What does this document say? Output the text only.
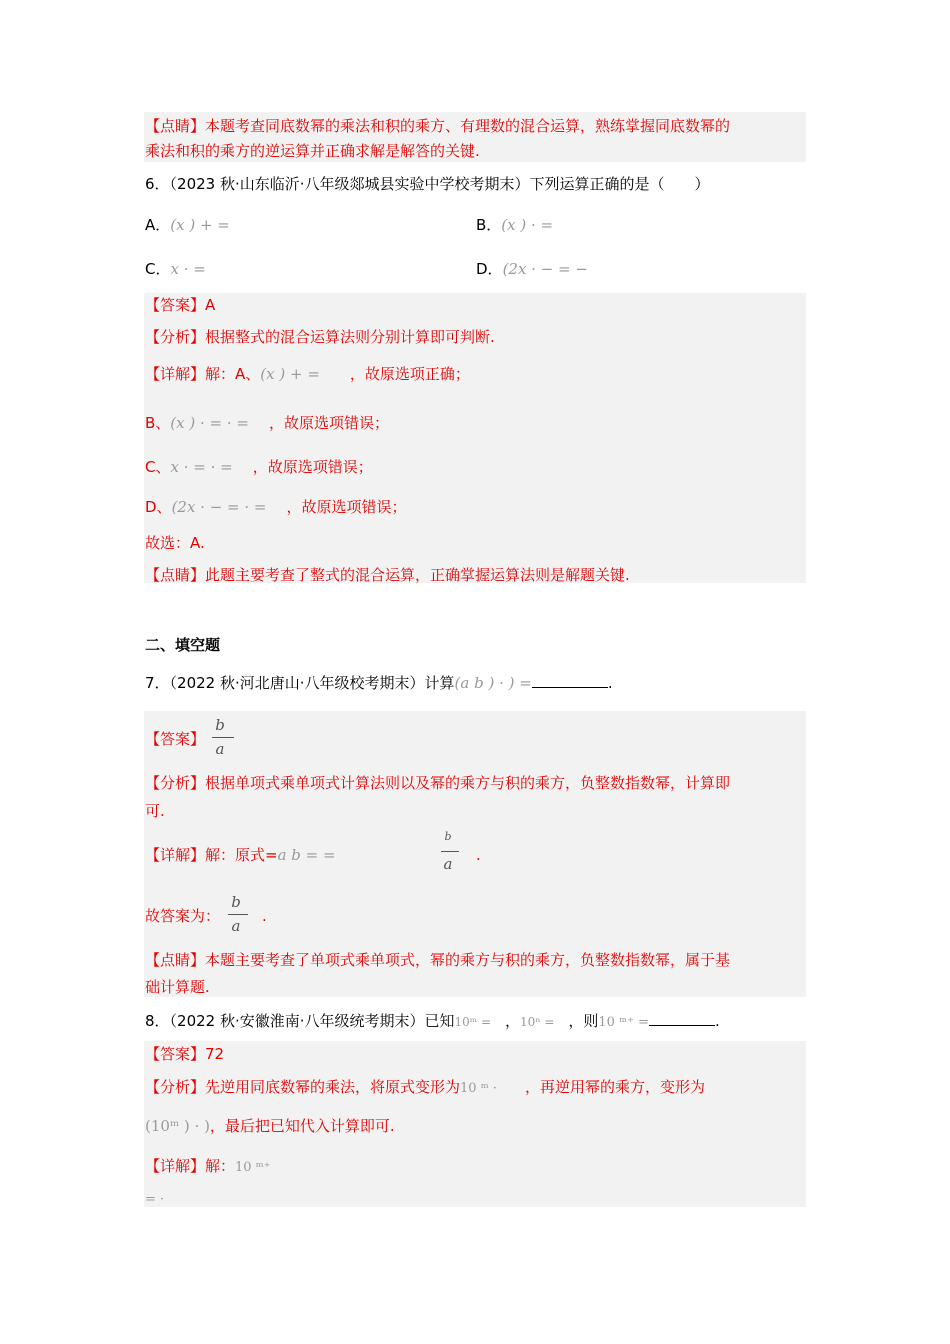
【点睛】本题考查同底数幂的乘法和积的乘方、有理数的混合运算，熟练掌握同底数幂的
乘法和积的乘方的逆运算并正确求解是解答的关键.
6．（2023 秋·山东临沂·八年级郯城县实验中学校考期末）下列运算正确的是（　　）
A．(x ) + =	B．(x ) · =
C．x · =	D．(2x · − = −
【答案】A
【分析】根据整式的混合运算法则分别计算即可判断.
【详解】解：A、(x ) + = ，故原选项正确；
B、(x ) · = · = ，故原选项错误；
C、x · = · = ，故原选项错误；
D、(2x · − = · = ，故原选项错误；
故选：A.
【点睛】此题主要考查了整式的混合运算，正确掌握运算法则是解题关键.
二、填空题
7．（2022 秋·河北唐山·八年级校考期末）计算(a b ) · ) =	.
【答案】
b
a
【分析】根据单项式乘单项式计算法则以及幂的乘方与积的乘方，负整数指数幂，计算即
可.
【详解】解：原式=a b = =
b
a	.
故答案为：
b
a
.
【点睛】本题主要考查了单项式乘单项式，幂的乘方与积的乘方，负整数指数幂，属于基
础计算题.
8．（2022 秋·安徽淮南·八年级统考期末）已知10ᵐ = ，10ⁿ = ，则10 ᵐ⁺ =	.
【答案】72
【分析】先逆用同底数幂的乘法，将原式变形为10 ᵐ · ，再逆用幂的乘方，变形为
(10ᵐ ) · )，最后把已知代入计算即可.
【详解】解：10 ᵐ⁺
= ·
